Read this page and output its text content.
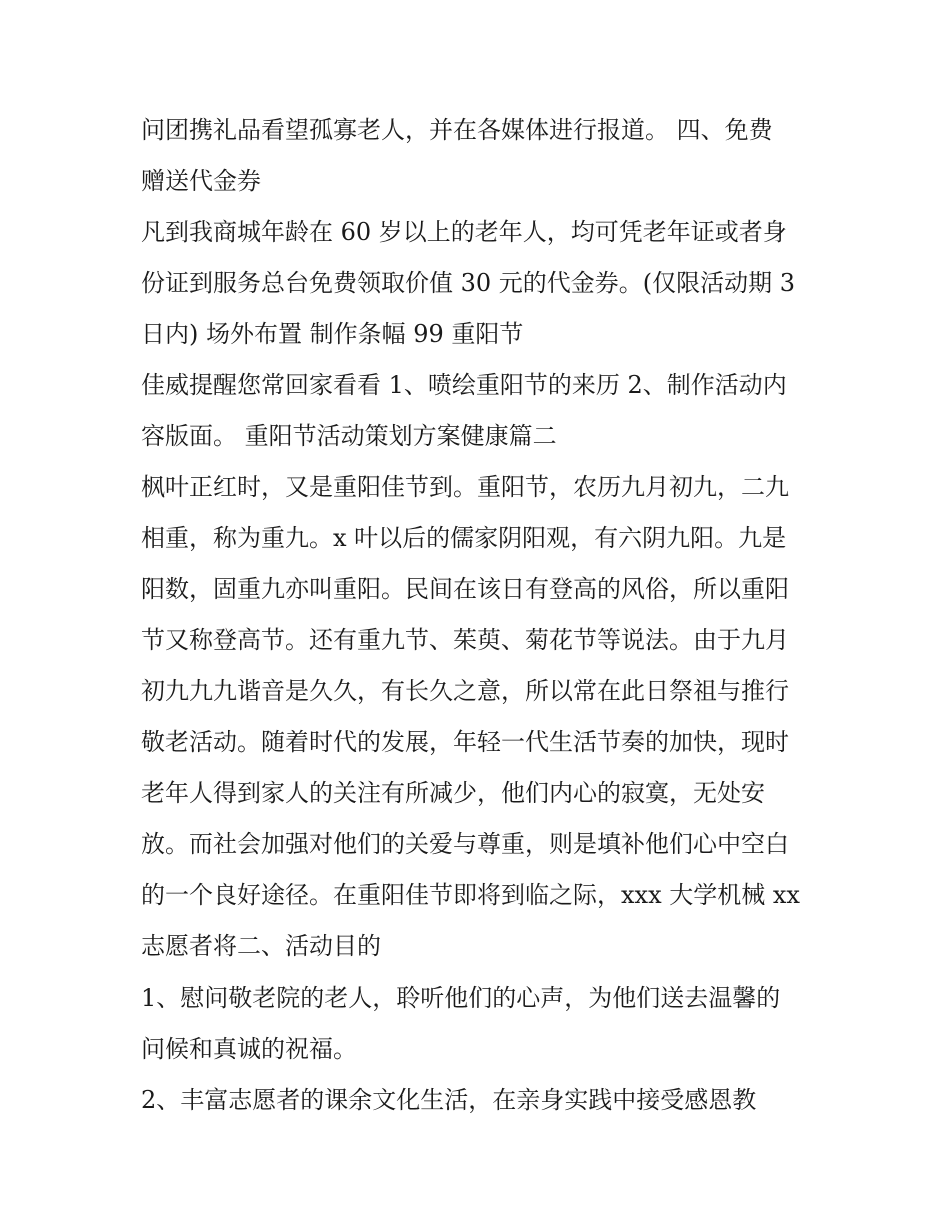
问团携礼品看望孤寡老人，并在各媒体进行报道。 四、免费
赠送代金券
凡到我商城年龄在 60 岁以上的老年人，均可凭老年证或者身
份证到服务总台免费领取价值 30 元的代金券。(仅限活动期 3
日内) 场外布置 制作条幅 99 重阳节
佳威提醒您常回家看看 1、喷绘重阳节的来历 2、制作活动内
容版面。 重阳节活动策划方案健康篇二
枫叶正红时，又是重阳佳节到。重阳节，农历九月初九，二九
相重，称为重九。x 叶以后的儒家阴阳观，有六阴九阳。九是
阳数，固重九亦叫重阳。民间在该日有登高的风俗，所以重阳
节又称登高节。还有重九节、茱萸、菊花节等说法。由于九月
初九九九谐音是久久，有长久之意，所以常在此日祭祖与推行
敬老活动。随着时代的发展，年轻一代生活节奏的加快，现时
老年人得到家人的关注有所减少，他们内心的寂寞，无处安
放。而社会加强对他们的关爱与尊重，则是填补他们心中空白
的一个良好途径。在重阳佳节即将到临之际，xxx 大学机械 xx
志愿者将二、活动目的
1、慰问敬老院的老人，聆听他们的心声，为他们送去温馨的
问候和真诚的祝福。
2、丰富志愿者的课余文化生活，在亲身实践中接受感恩教
